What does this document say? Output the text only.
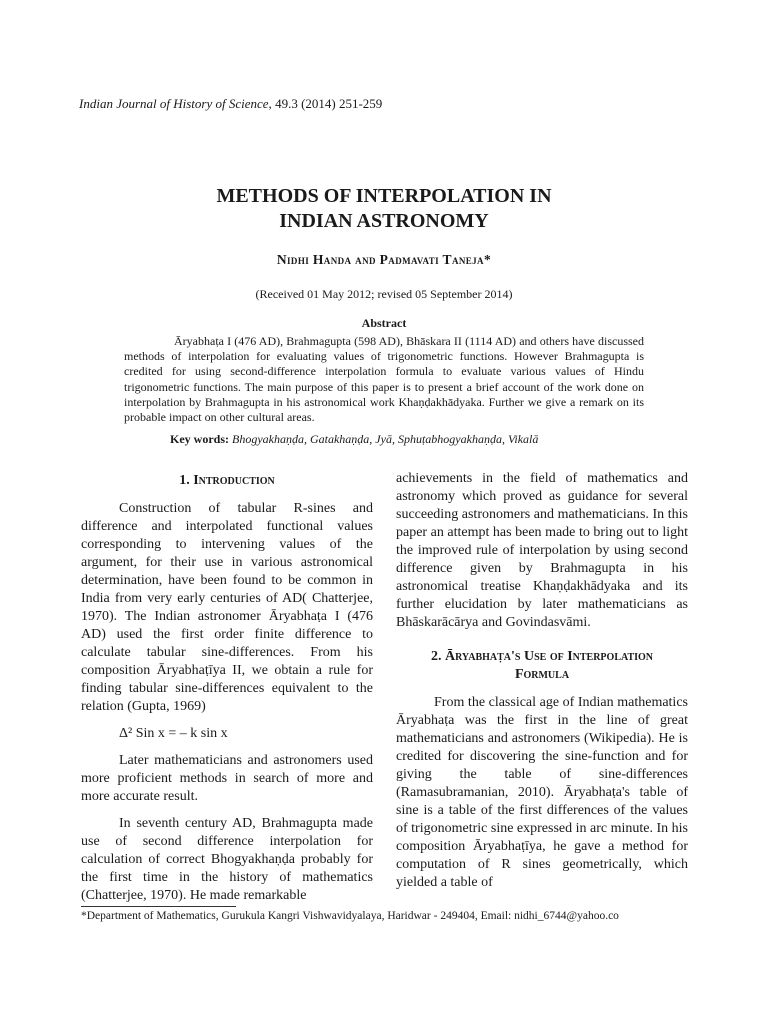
Indian Journal of History of Science, 49.3 (2014) 251-259
METHODS OF INTERPOLATION IN
INDIAN ASTRONOMY
Nidhi Handa and Padmavati Taneja*
(Received 01 May 2012; revised 05 September 2014)
Abstract

Āryabhaṭa I (476 AD), Brahmagupta (598 AD), Bhāskara II (1114 AD) and others have discussed methods of interpolation for evaluating values of trigonometric functions. However Brahmagupta is credited for using second-difference interpolation formula to evaluate various values of Hindu trigonometric functions. The main purpose of this paper is to present a brief account of the work done on interpolation by Brahmagupta in his astronomical work Khaṇḍakhādyaka. Further we give a remark on its probable impact on other cultural areas.

Key words: Bhogyakhaṇḍa, Gatakhaṇḍa, Jyā, Sphuṭabhogyakhaṇḍa, Vikalā
1. Introduction

Construction of tabular R-sines and difference and interpolated functional values corresponding to intervening values of the argument, for their use in various astronomical determination, have been found to be common in India from very early centuries of AD( Chatterjee, 1970). The Indian astronomer Āryabhaṭa I (476 AD) used the first order finite difference to calculate tabular sine-differences. From his composition Āryabhaṭīya II, we obtain a rule for finding tabular sine-differences equivalent to the relation (Gupta, 1969)

Δ² Sin x = – k sin x

Later mathematicians and astronomers used more proficient methods in search of more and more accurate result.

In seventh century AD, Brahmagupta made use of second difference interpolation for calculation of correct Bhogyakhaṇḍa probably for the first time in the history of mathematics (Chatterjee, 1970). He made remarkable

achievements in the field of mathematics and astronomy which proved as guidance for several succeeding astronomers and mathematicians. In this paper an attempt has been made to bring out to light the improved rule of interpolation by using second difference given by Brahmagupta in his astronomical treatise Khaṇḍakhādyaka and its further elucidation by later mathematicians as Bhāskarācārya and Govindasvāmi.

2. Āryabhaṭa's Use of Interpolation
Formula

From the classical age of Indian mathematics Āryabhaṭa was the first in the line of great mathematicians and astronomers (Wikipedia). He is credited for discovering the sine-function and for giving the table of sine-differences (Ramasubramanian, 2010). Āryabhaṭa's table of sine is a table of the first differences of the values of trigonometric sine expressed in arc minute. In his composition Āryabhaṭīya, he gave a method for computation of R sines geometrically, which yielded a table of

*Department of Mathematics, Gurukula Kangri Vishwavidyalaya, Haridwar - 249404, Email: nidhi_6744@yahoo.co
